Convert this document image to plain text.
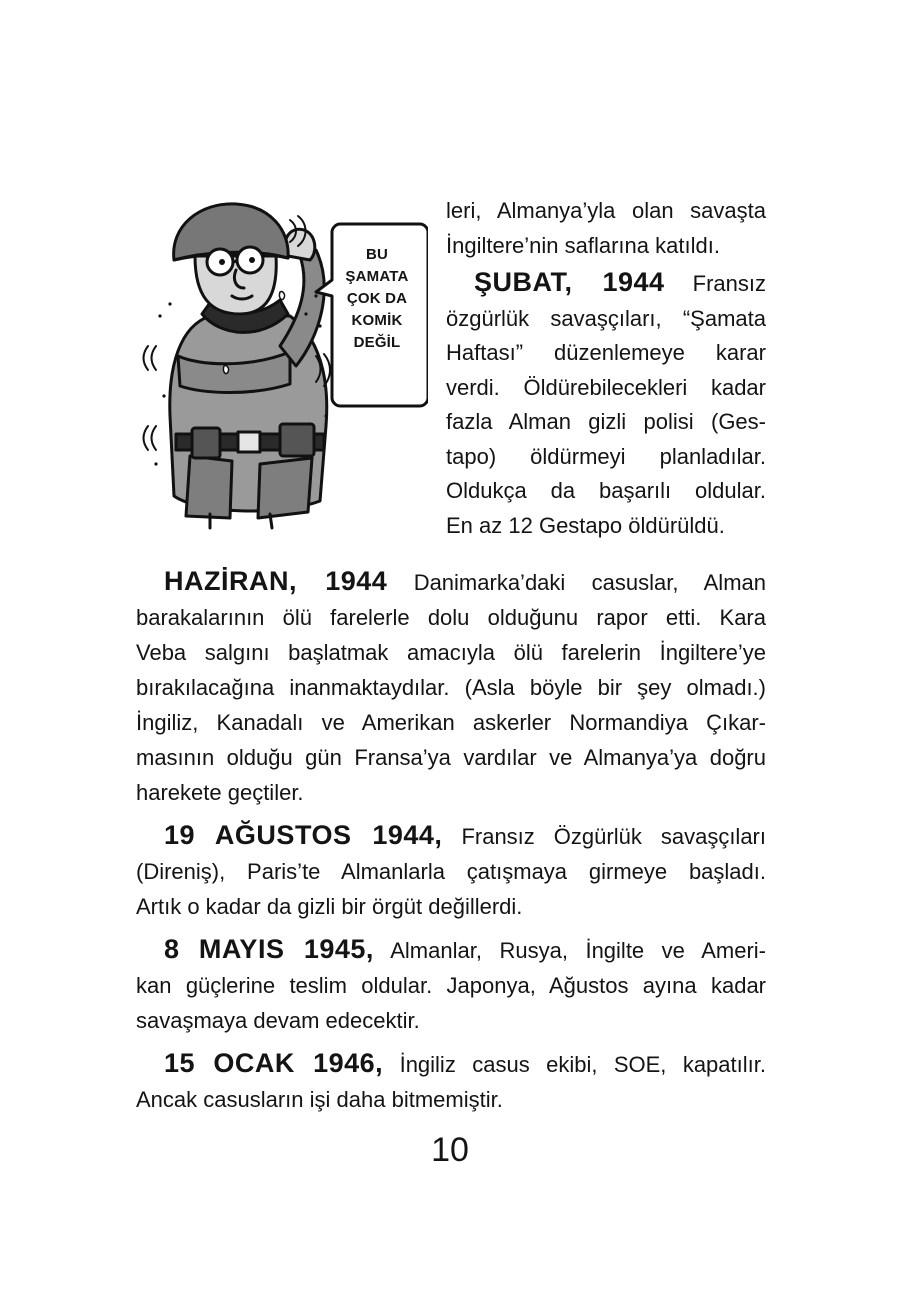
BU
ŞAMATA
ÇOK DA
KOMİK
DEĞİL

leri, Almanya’yla olan savaşta
İngiltere’nin saflarına katıldı.

ŞUBAT, 1944 Fransız

özgürlük savaşçıları, “Şamata
Haftası” düzenlemeye karar
verdi. Öldürebilecekleri kadar
fazla Alman gizli polisi (Ges-
tapo) öldürmeyi planladılar.
Oldukça da başarılı oldular.
En az 12 Gestapo öldürüldü.

HAZİRAN, 1944 Danimarka’daki casuslar, Alman
barakalarının ölü farelerle dolu olduğunu rapor etti. Kara
Veba salgını başlatmak amacıyla ölü farelerin İngiltere’ye
bırakılacağına inanmaktaydılar. (Asla böyle bir şey olmadı.)
İngiliz, Kanadalı ve Amerikan askerler Normandiya Çıkar-
masının olduğu gün Fransa’ya vardılar ve Almanya’ya doğru
harekete geçtiler.

19 AĞUSTOS 1944, Fransız Özgürlük savaşçıları
(Direniş), Paris’te Almanlarla çatışmaya girmeye başladı.
Artık o kadar da gizli bir örgüt değillerdi.

8 MAYIS 1945, Almanlar, Rusya, İngilte ve Ameri-
kan güçlerine teslim oldular. Japonya, Ağustos ayına kadar
savaşmaya devam edecektir.

15 OCAK 1946, İngiliz casus ekibi, SOE, kapatılır.
Ancak casusların işi daha bitmemiştir.

10
